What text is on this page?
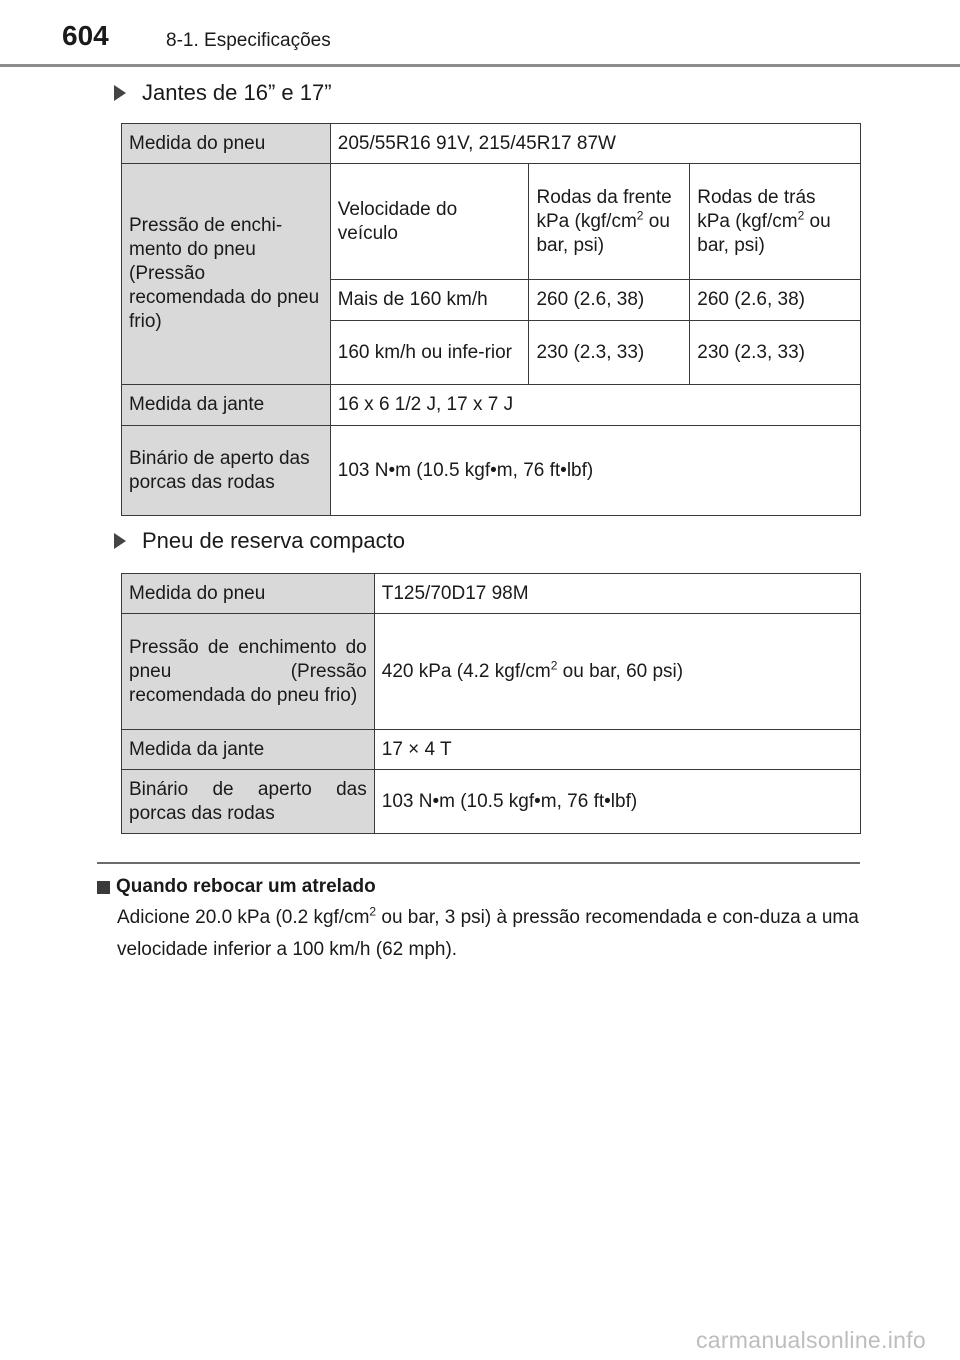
604	8-1. Especificações
Jantes de 16” e 17”
Medida do pneu	205/55R16 91V, 215/45R17 87W		
Pressão de enchi-mento do pneu (Pressão recomendada do pneu frio)	Velocidade do veículo	Rodas da frente kPa ($kgf/cm^2$ ou bar, psi)	Rodas de trás kPa ($kgf/cm^2$ ou bar, psi)
	Mais de 160 km/h	260 (2.6, 38)	260 (2.6, 38)
	160 km/h ou infe-rior	230 (2.3, 33)	230 (2.3, 33)
Medida da jante	16 x 6 1/2 J, 17 x 7 J		
Binário de aperto das porcas das rodas	103 N•m (10.5 kgf•m, 76 ft•lbf)		
Pneu de reserva compacto
Medida do pneu	T125/70D17 98M
Pressão de enchimento do pneu (Pressão recomendada do pneu frio)	420 kPa (4.2 kgf/$cm^2$ ou bar, 60 psi)
Medida da jante	17 × 4 T
Binário de aperto das porcas das rodas	103 N•m (10.5 kgf•m, 76 ft•lbf)
Quando rebocar um atrelado
Adicione 20.0 kPa (0.2 kgf/$cm^2$ ou bar, 3 psi) à pressão recomendada e con-duza a uma velocidade inferior a 100 km/h (62 mph).
carmanualsonline.info
